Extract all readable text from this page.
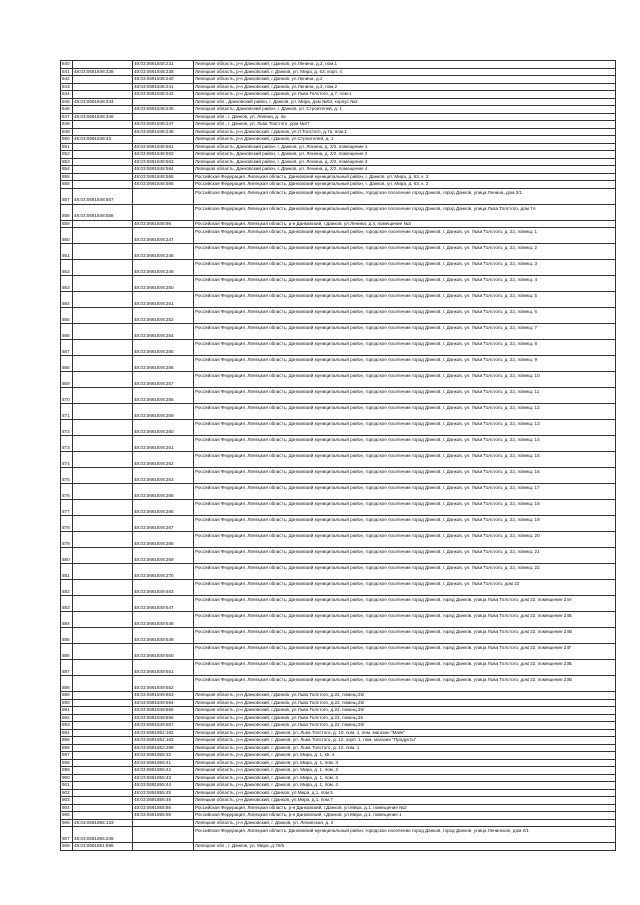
840		48:03:0691848:231	Липецкая область, р-н Данковский, г.Данков, ул.Ленина, д.2, пом.1
841	48:03:0691848:338	48:03:0691848:338	Липецкая область, р-н Данковский, г. Данков, ул. Мира, д. 63, корп. 4
842		48:03:0691848:240	Липецкая область, р-н Данковский, г.Данков, ул.Ленина, д.2
843		48:03:0691848:241	Липецкая область, р-н Данковский, г.Данков, ул.Ленина, д.2, пом.2
844		48:03:0691848:242	Липецкая область, р-н Данковский, г.Данков, ул.Льва Толстого, д.7, пом.1
845	48:03:0691848:344		Липецкая обл., Данковский район, г. Данков, ул. Мира, дом №63, корпус №2
846		48:03:0691848:245	Липецкая область, Данковский район, г. Данков, ул. Строителей, д. 1
847	48:03:0691848:346		Липецкая обл., г. Данков, ул. Ленина, д. 4а
848		48:03:0691848:247	Липецкая обл., г. Данков, ул. Льва Толстого, дом №27
849		48:03:0691848:248	Липецкая область, р-н Данковский, г.Данков, ул.Л.Толстого, д.7а, пом.1
850	48:03:0691848:43		Липецкая область, р-н Данковский, г.Данков, ул.Строителей, д. 1
851		48:03:0691848:561	Липецкая область, Данковский район, г. Данков, ул. Ленина, д. 2/2, помещение 1
852		48:03:0691848:562	Липецкая область, Данковский район, г. Данков, ул. Ленина, д. 2/2, помещение 2
853		48:03:0691848:563	Липецкая область, Данковский район, г. Данков, ул. Ленина, д. 2/2, помещение 3
854		48:03:0691848:564	Липецкая область, Данковский район, г. Данков, ул. Ленина, д. 2/2, помещение 4
855		48:03:0691848:565	Российская Федерация, Липецкая область, Данковский муниципальный район, г. Данков, ул. Мира, д. 63, к. 2
856		48:03:0691848:566	Российская Федерация, Липецкая область, Данковский муниципальный район, г. Данков, ул. Мира, д. 63, к. 2
857	48:03:0691848:567		Российская Федерация, Липецкая область, Данковский муниципальный район, городское поселение город Данков, город Данков, улица Ленина, дом 2/1
858	48:03:0691848:568		Российская Федерация, Липецкая область, Данковский муниципальный район, городское поселение город Данков, город Данков, улица Льва Толстого, дом 7А
859		48:03:0691848:96	Российская Федерация, Липецкая область, р-н Данковский, г.Данков, ул.Ленина, д.4, помещение №3
860		48:03:0691849:247	Российская Федерация, Липецкая область, Данковский муниципальный район, городское поселение город Данков, г. Данков, ул. Льва Толстого, д. 22, помещ. 1
861		48:03:0691849:248	Российская Федерация, Липецкая область, Данковский муниципальный район, городское поселение город Данков, г. Данков, ул. Льва Толстого, д. 22, помещ. 2
862		48:03:0691849:249	Российская Федерация, Липецкая область, Данковский муниципальный район, городское поселение город Данков, г. Данков, ул. Льва Толстого, д. 22, помещ. 3
863		48:03:0691849:250	Российская Федерация, Липецкая область, Данковский муниципальный район, городское поселение город Данков, г. Данков, ул. Льва Толстого, д. 22, помещ. 4
864		48:03:0691849:251	Российская Федерация, Липецкая область, Данковский муниципальный район, городское поселение город Данков, г. Данков, ул. Льва Толстого, д. 22, помещ. 5
865		48:03:0691849:252	Российская Федерация, Липецкая область, Данковский муниципальный район, городское поселение город Данков, г. Данков, ул. Льва Толстого, д. 22, помещ. 6
866		48:03:0691849:254	Российская Федерация, Липецкая область, Данковский муниципальный район, городское поселение город Данков, г. Данков, ул. Льва Толстого, д. 22, помещ. 7
867		48:03:0691849:255	Российская Федерация, Липецкая область, Данковский муниципальный район, городское поселение город Данков, г. Данков, ул. Льва Толстого, д. 22, помещ. 8
868		48:03:0691849:256	Российская Федерация, Липецкая область, Данковский муниципальный район, городское поселение город Данков, г. Данков, ул. Льва Толстого, д. 22, помещ. 9
869		48:03:0691849:257	Российская Федерация, Липецкая область, Данковский муниципальный район, городское поселение город Данков, г. Данков, ул. Льва Толстого, д. 22, помещ. 10
870		48:03:0691849:258	Российская Федерация, Липецкая область, Данковский муниципальный район, городское поселение город Данков, г. Данков, ул. Льва Толстого, д. 22, помещ. 11
871		48:03:0691849:259	Российская Федерация, Липецкая область, Данковский муниципальный район, городское поселение город Данков, г. Данков, ул. Льва Толстого, д. 22, помещ. 12
872		48:03:0691849:260	Российская Федерация, Липецкая область, Данковский муниципальный район, городское поселение город Данков, г. Данков, ул. Льва Толстого, д. 22, помещ. 13
873		48:03:0691849:261	Российская Федерация, Липецкая область, Данковский муниципальный район, городское поселение город Данков, г. Данков, ул. Льва Толстого, д. 22, помещ. 14
874		48:03:0691849:262	Российская Федерация, Липецкая область, Данковский муниципальный район, городское поселение город Данков, г. Данков, ул. Льва Толстого, д. 22, помещ. 15
875		48:03:0691849:263	Российская Федерация, Липецкая область, Данковский муниципальный район, городское поселение город Данков, г. Данков, ул. Льва Толстого, д. 22, помещ. 16
876		48:03:0691849:265	Российская Федерация, Липецкая область, Данковский муниципальный район, городское поселение город Данков, г. Данков, ул. Льва Толстого, д. 22, помещ. 17
877		48:03:0691849:266	Российская Федерация, Липецкая область, Данковский муниципальный район, городское поселение город Данков, г. Данков, ул. Льва Толстого, д. 22, помещ. 18
878		48:03:0691849:267	Российская Федерация, Липецкая область, Данковский муниципальный район, городское поселение город Данков, г. Данков, ул. Льва Толстого, д. 22, помещ. 19
879		48:03:0691849:268	Российская Федерация, Липецкая область, Данковский муниципальный район, городское поселение город Данков, г. Данков, ул. Льва Толстого, д. 22, помещ. 20
880		48:03:0691849:269	Российская Федерация, Липецкая область, Данковский муниципальный район, городское поселение город Данков, г. Данков, ул. Льва Толстого, д. 22, помещ. 21
881		48:03:0691849:270	Российская Федерация, Липецкая область, Данковский муниципальный район, городское поселение город Данков, г. Данков, ул. Льва Толстого, д. 22, помещ. 22
882		48:03:0691849:463	Российская Федерация, Липецкая область, Данковский муниципальный район, городское поселение город Данков, г. Данков, ул. Льва Толстого, дом 22
883		48:03:0691849:547	Российская Федерация, Липецкая область, Данковский муниципальный район, городское поселение город Данков, город Данков, улица Льва Толстого, дом 22, помещение 24А
884		48:03:0691849:548	Российская Федерация, Липецкая область, Данковский муниципальный район, городское поселение город Данков, город Данков, улица Льва Толстого, дом 22, помещение 24Б
885		48:03:0691849:549	Российская Федерация, Липецкая область, Данковский муниципальный район, городское поселение город Данков, город Данков, улица Льва Толстого, дом 22, помещение 24В
886		48:03:0691849:550	Российская Федерация, Липецкая область, Данковский муниципальный район, городское поселение город Данков, город Данков, улица Льва Толстого, дом 22, помещение 24Г
887		48:03:0691849:551	Российская Федерация, Липецкая область, Данковский муниципальный район, городское поселение город Данков, город Данков, улица Льва Толстого, дом 22, помещение 23Б
888		48:03:0691849:552	Российская Федерация, Липецкая область, Данковский муниципальный район, городское поселение город Данков, город Данков, улица Льва Толстого, дом 22, помещение 23В
889		48:03:0691849:553	Липецкая область, р-н Данковский, г.Данков, ул.Льва Толстого, д.22, помещ.25/
890		48:03:0691849:554	Липецкая область, р-н Данковский, г.Данков, ул.Льва Толстого, д.22, помещ.25/
891		48:03:0691849:555	Липецкая область, р-н Данковский, г.Данков, ул.Льва Толстого, д.22, помещ.25/
892		48:03:0691849:556	Липецкая область, р-н Данковский, г.Данков, ул.Льва Толстого, д.22, помещ.25
893		48:03:0691849:557	Липецкая область, р-н Данковский, г.Данков, ул.Льва Толстого, д.22, помещ.26/
894		48:03:0691852:182	Липецкая область, р-н Данковский, г. Данков, ул. Льва Толстого, д. 10, пом. 1, пом. магазин "Маяк"
895		48:03:0691852:183	Липецкая область, р-н Данковский, г. Данков, ул. Льва Толстого, д. 12, корп. 1, пом. магазин "Продукты"
896		48:03:0691852:289	Липецкая область, р-н Данковский, г. Данков, ул. Льва Толстого, д. 12, пом. 1
897		48:03:0691855:32	Липецкая область, р-н Данковский, г. Данков, ул. Мира, д. 1, кв. 4
898		48:03:0691855:41	Липецкая область, р-н Данковский, г. Данков, ул. Мира, д. 1, пом. 3
899		48:03:0691855:42	Липецкая область, р-н Данковский, г. Данков, ул. Мира, д. 1, пом. 2
900		48:03:0691855:43	Липецкая область, р-н Данковский, г. Данков, ул. Мира, д. 1, пом. 3
901		48:03:0691855:44	Липецкая область, р-н Данковский, г. Данков, ул. Мира, д. 1, пом. 4
902		48:03:0691855:45	Липецкая область, р-н Данковский, г.Данков, ул.Мира, д.1, пом.5
903		48:03:0691855:46	Липецкая область, р-н Данковский, г.Данков, ул.Мира, д.1, пом.7
904		48:03:0691855:95	Российская Федерация, Липецкая область, р-н Данковский, г.Данков, ул.Мира, д.1, помещение №2
905		48:03:0691855:96	Российская Федерация, Липецкая область, р-н Данковский, г.Данков, ул.Мира, д.1, помещение 1
906	48:03:0691856:133		Липецкая область, р-н Данковский, г. Данков, ул. Ленинская, д. 2
907	48:03:0691856:349		Российская Федерация, Липецкая область, Данковский муниципальный район, городское поселение город Данков, город Данков, улица Ленинская, дом 2/1
908	48:03:0691861:695		Липецкая обл., г. Данков, ул. Мира, д.75/5
